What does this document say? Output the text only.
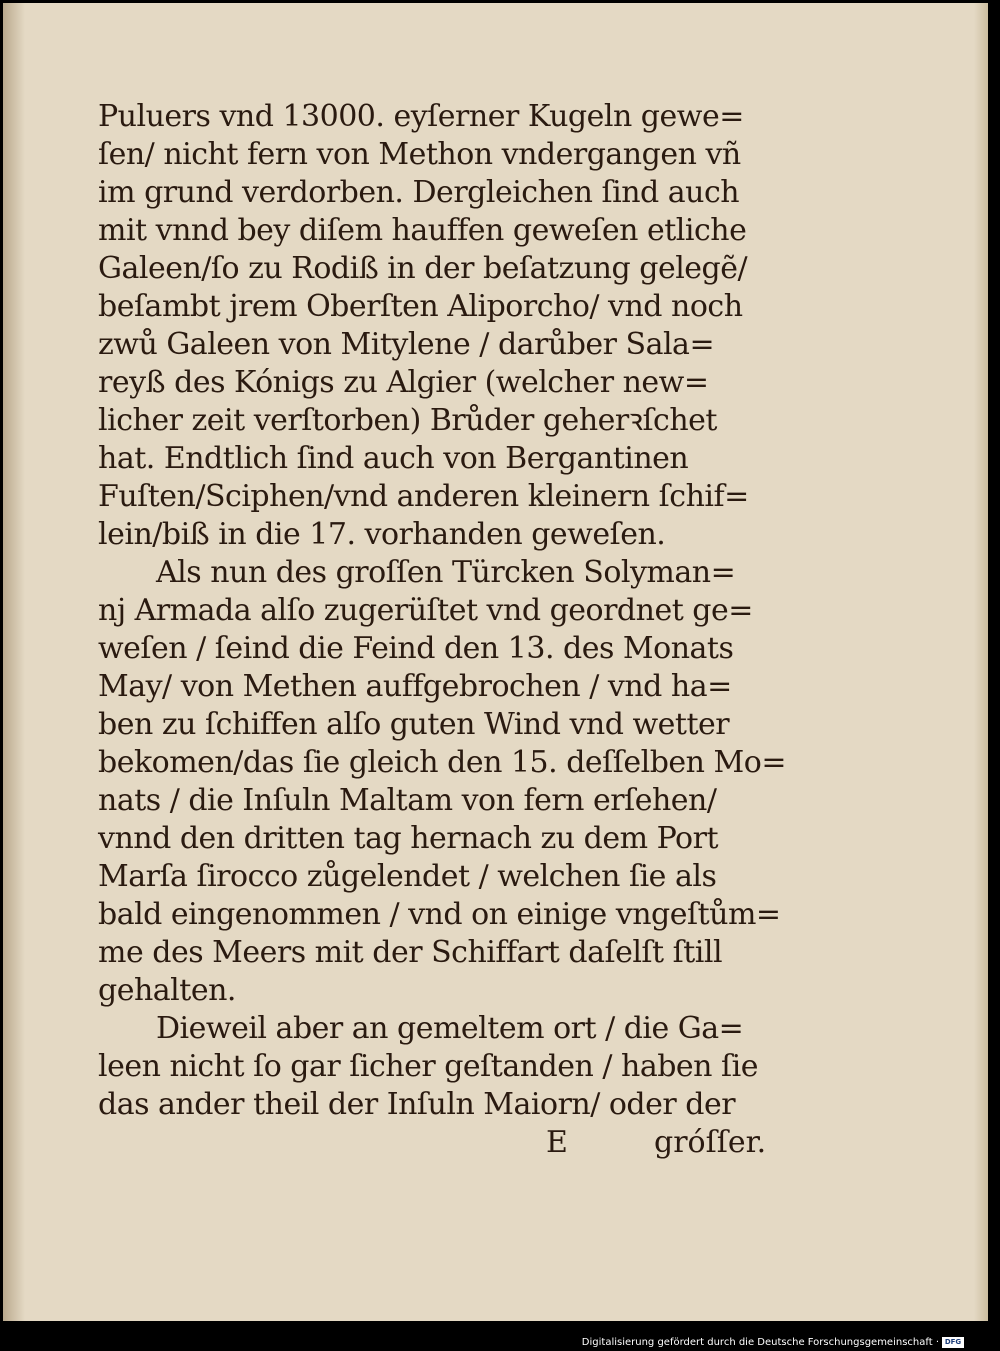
Puluers vnd 13000. eyſerner Kugeln gewe=
ſen/ nicht fern von Methon vndergangen vñ
im grund verdorben. Dergleichen ſind auch
mit vnnd bey diſem hauffen geweſen etliche
Galeen/ſo zu Rodiß in der beſatzung gelegẽ/
beſambt jrem Oberſten Aliporcho/ vnd noch
zwů Galeen von Mitylene / darůber Sala=
reyß des Kónigs zu Algier (welcher new=
licher zeit verſtorben) Brůder geherꝛſchet
hat. Endtlich ſind auch von Bergantinen
Fuſten/Sciphen/vnd anderen kleinern ſchif=
lein/biß in die 17. vorhanden geweſen.
Als nun des groſſen Türcken Solyman=
nj Armada alſo zugerüſtet vnd geordnet ge=
weſen / ſeind die Feind den 13. des Monats
May/ von Methen auffgebrochen / vnd ha=
ben zu ſchiffen alſo guten Wind vnd wetter
bekomen/das ſie gleich den 15. deſſelben Mo=
nats / die Inſuln Maltam von fern erſehen/
vnnd den dritten tag hernach zu dem Port
Marſa ſirocco zůgelendet / welchen ſie als
bald eingenommen / vnd on einige vngeſtům=
me des Meers mit der Schiffart daſelſt ſtill
gehalten.
Dieweil aber an gemeltem ort / die Ga=
leen nicht ſo gar ſicher geſtanden / haben ſie
das ander theil der Inſuln Maiorn/ oder der
E	gróſſer.
Digitalisierung gefördert durch die Deutsche Forschungsgemeinschaft · DFG
